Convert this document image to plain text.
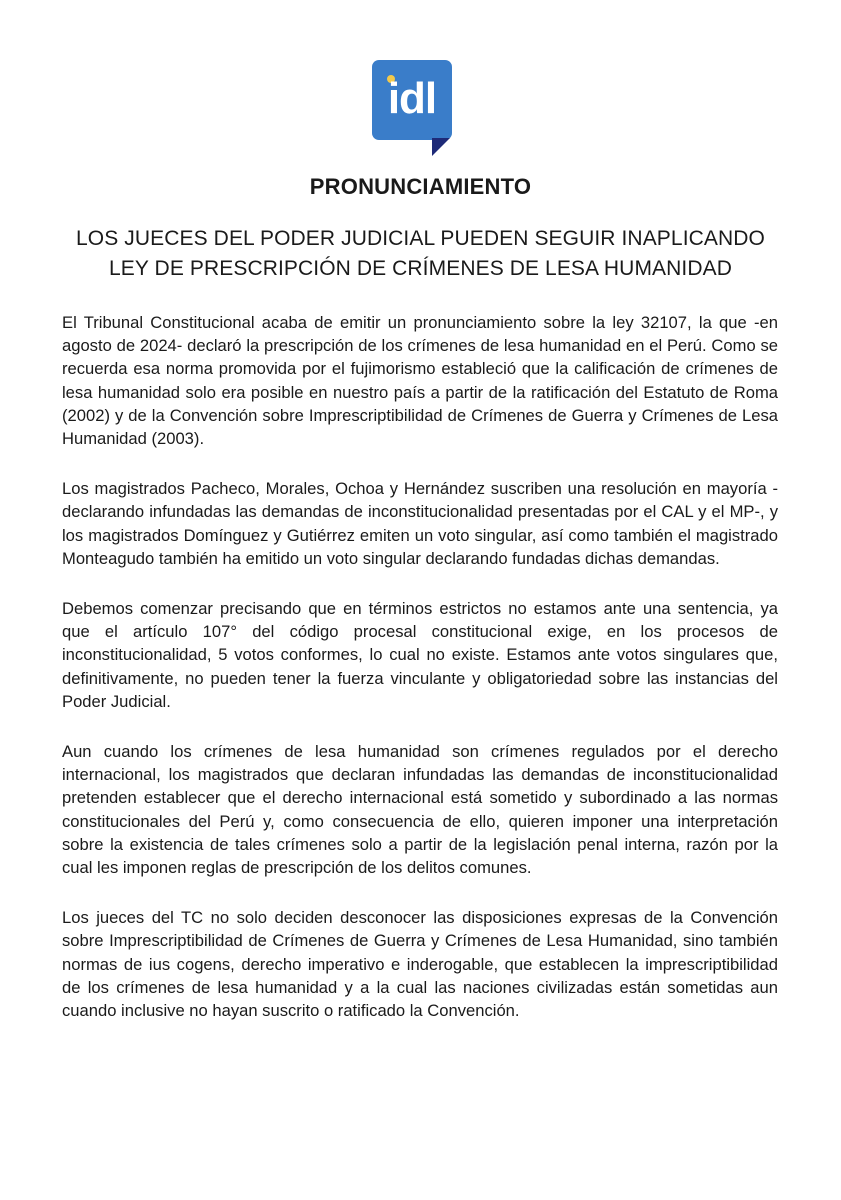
idl
PRONUNCIAMIENTO
LOS JUECES DEL PODER JUDICIAL PUEDEN SEGUIR INAPLICANDO
LEY DE PRESCRIPCIÓN DE CRÍMENES DE LESA HUMANIDAD

El Tribunal Constitucional acaba de emitir un pronunciamiento sobre la ley 32107, la que -en agosto de 2024- declaró la prescripción de los crímenes de lesa humanidad en el Perú. Como se recuerda esa norma promovida por el fujimorismo estableció que la calificación de crímenes de lesa humanidad solo era posible en nuestro país a partir de la ratificación del Estatuto de Roma (2002) y de la Convención sobre Imprescriptibilidad de Crímenes de Guerra y Crímenes de Lesa Humanidad (2003).

Los magistrados Pacheco, Morales, Ochoa y Hernández suscriben una resolución en mayoría -declarando infundadas las demandas de inconstitucionalidad presentadas por el CAL y el MP-, y los magistrados Domínguez y Gutiérrez emiten un voto singular, así como también el magistrado Monteagudo también ha emitido un voto singular declarando fundadas dichas demandas.

Debemos comenzar precisando que en términos estrictos no estamos ante una sentencia, ya que el artículo 107° del código procesal constitucional exige, en los procesos de inconstitucionalidad, 5 votos conformes, lo cual no existe. Estamos ante votos singulares que, definitivamente, no pueden tener la fuerza vinculante y obligatoriedad sobre las instancias del Poder Judicial.

Aun cuando los crímenes de lesa humanidad son crímenes regulados por el derecho internacional, los magistrados que declaran infundadas las demandas de inconstitucionalidad pretenden establecer que el derecho internacional está sometido y subordinado a las normas constitucionales del Perú y, como consecuencia de ello, quieren imponer una interpretación sobre la existencia de tales crímenes solo a partir de la legislación penal interna, razón por la cual les imponen reglas de prescripción de los delitos comunes.

Los jueces del TC no solo deciden desconocer las disposiciones expresas de la Convención sobre Imprescriptibilidad de Crímenes de Guerra y Crímenes de Lesa Humanidad, sino también normas de ius cogens, derecho imperativo e inderogable, que establecen la imprescriptibilidad de los crímenes de lesa humanidad y a la cual las naciones civilizadas están sometidas aun cuando inclusive no hayan suscrito o ratificado la Convención.
